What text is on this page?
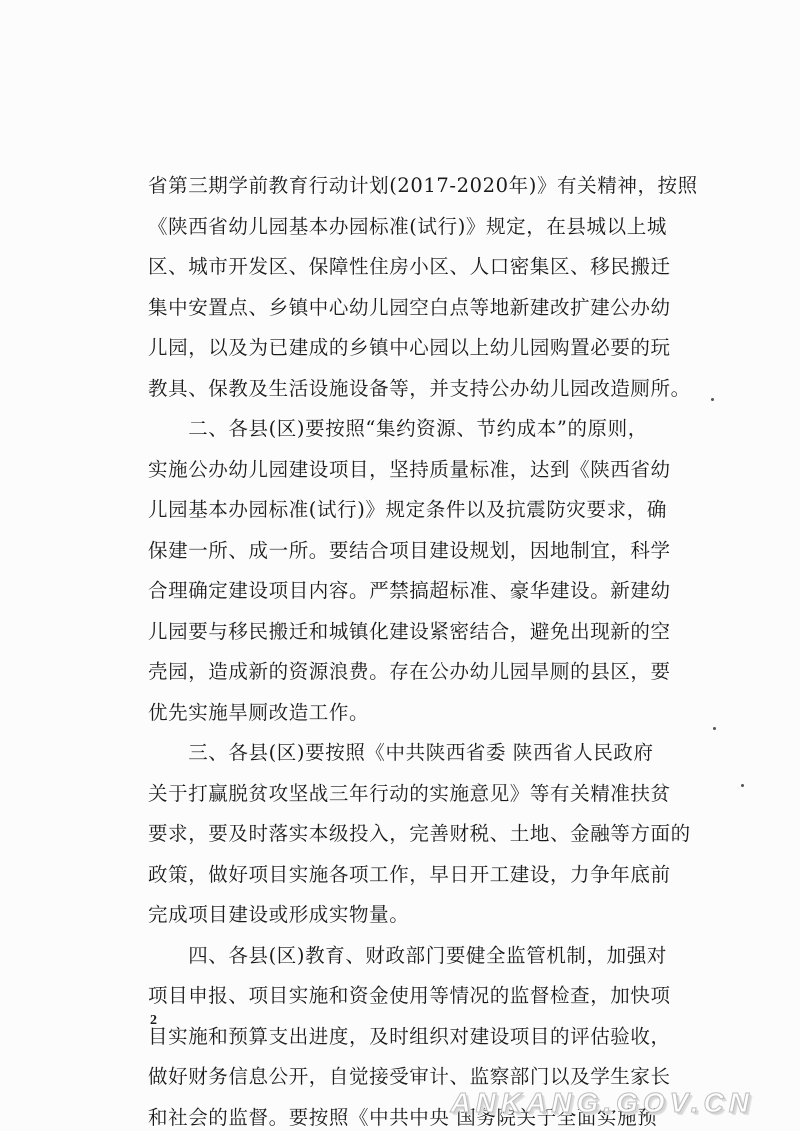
省第三期学前教育行动计划(2017-2020年)》有关精神，按照
《陕西省幼儿园基本办园标准(试行)》规定，在县城以上城
区、城市开发区、保障性住房小区、人口密集区、移民搬迁
集中安置点、乡镇中心幼儿园空白点等地新建改扩建公办幼
儿园，以及为已建成的乡镇中心园以上幼儿园购置必要的玩
教具、保教及生活设施设备等，并支持公办幼儿园改造厕所。
　　二、各县(区)要按照“集约资源、节约成本”的原则，
实施公办幼儿园建设项目，坚持质量标准，达到《陕西省幼
儿园基本办园标准(试行)》规定条件以及抗震防灾要求，确
保建一所、成一所。要结合项目建设规划，因地制宜，科学
合理确定建设项目内容。严禁搞超标准、豪华建设。新建幼
儿园要与移民搬迁和城镇化建设紧密结合，避免出现新的空
壳园，造成新的资源浪费。存在公办幼儿园旱厕的县区，要
优先实施旱厕改造工作。
　　三、各县(区)要按照《中共陕西省委 陕西省人民政府
关于打赢脱贫攻坚战三年行动的实施意见》等有关精准扶贫
要求，要及时落实本级投入，完善财税、土地、金融等方面的
政策，做好项目实施各项工作，早日开工建设，力争年底前
完成项目建设或形成实物量。
　　四、各县(区)教育、财政部门要健全监管机制，加强对
项目申报、项目实施和资金使用等情况的监督检查，加快项
目实施和预算支出进度，及时组织对建设项目的评估验收，
做好财务信息公开，自觉接受审计、监察部门以及学生家长
和社会的监督。要按照《中共中央 国务院关于全面实施预
2
ANKANG.GOV.CN
